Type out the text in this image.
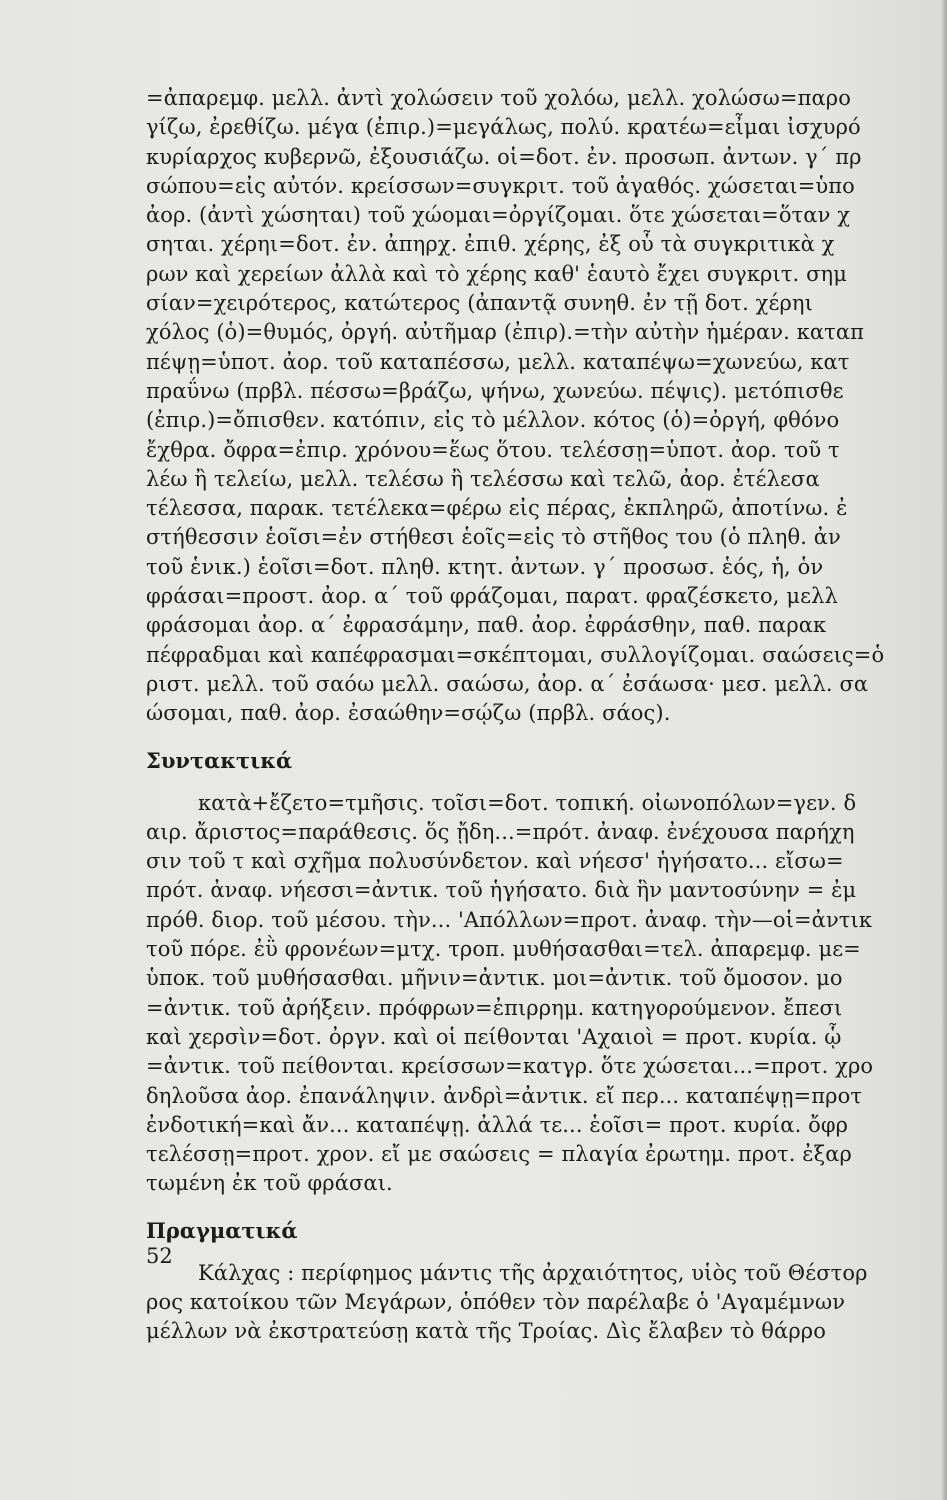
=ἀπαρεμφ. μελλ. ἀντὶ χολώσειν τοῦ χολόω, μελλ. χολώσω=παρο
γίζω, ἐρεθίζω. μέγα (ἐπιρ.)=μεγάλως, πολύ. κρατέω=εἶμαι ἰσχυρό
κυρίαρχος κυβερνῶ, ἐξουσιάζω. οἱ=δοτ. ἐν. προσωπ. ἀντων. γ΄ πρ
σώπου=εἰς αὐτόν. κρείσσων=συγκριτ. τοῦ ἀγαθός. χώσεται=ὑπο
ἀορ. (ἀντὶ χώσηται) τοῦ χώομαι=ὀργίζομαι. ὅτε χώσεται=ὅταν χ
σηται. χέρηι=δοτ. ἐν. ἀπηρχ. ἐπιθ. χέρης, ἐξ οὗ τὰ συγκριτικὰ χ
ρων καὶ χερείων ἀλλὰ καὶ τὸ χέρης καθ' ἑαυτὸ ἔχει συγκριτ. σημ
σίαν=χειρότερος, κατώτερος (ἀπαντᾷ συνηθ. ἐν τῇ δοτ. χέρηι
χόλος (ὁ)=θυμός, ὀργή. αὐτῆμαρ (ἐπιρ).=τὴν αὐτὴν ἡμέραν. καταπ
πέψῃ=ὑποτ. ἀορ. τοῦ καταπέσσω, μελλ. καταπέψω=χωνεύω, κατ
πραΰνω (πρβλ. πέσσω=βράζω, ψήνω, χωνεύω. πέψις). μετόπισθε
(ἐπιρ.)=ὄπισθεν. κατόπιν, εἰς τὸ μέλλον. κότος (ὁ)=ὀργή, φθόνο
ἔχθρα. ὄφρα=ἐπιρ. χρόνου=ἕως ὅτου. τελέσσῃ=ὑποτ. ἀορ. τοῦ τ
λέω ἢ τελείω, μελλ. τελέσω ἢ τελέσσω καὶ τελῶ, ἀορ. ἐτέλεσα
τέλεσσα, παρακ. τετέλεκα=φέρω εἰς πέρας, ἐκπληρῶ, ἀποτίνω. ἐ
στήθεσσιν ἑοῖσι=ἐν στήθεσι ἑοῖς=εἰς τὸ στῆθος του (ὁ πληθ. ἀν
τοῦ ἑνικ.) ἑοῖσι=δοτ. πληθ. κτητ. ἀντων. γ΄ προσωσ. ἑός, ἡ, ὁν
φράσαι=προστ. ἀορ. α΄ τοῦ φράζομαι, παρατ. φραζέσκετο, μελλ
φράσομαι ἀορ. α΄ ἐφρασάμην, παθ. ἀορ. ἐφράσθην, παθ. παρακ
πέφραδμαι καὶ καπέφρασμαι=σκέπτομαι, συλλογίζομαι. σαώσεις=ὁ
ριστ. μελλ. τοῦ σαόω μελλ. σαώσω, ἀορ. α΄ ἐσάωσα· μεσ. μελλ. σα
ώσομαι, παθ. ἀορ. ἐσαώθην=σῴζω (πρβλ. σάος).
Συντακτικά
κατὰ+ἔζετο=τμῆσις. τοῖσι=δοτ. τοπική. οἰωνοπόλων=γεν. δ
αιρ. ἄριστος=παράθεσις. ὅς ᾔδη...=πρότ. ἀναφ. ἐνέχουσα παρήχη
σιν τοῦ τ καὶ σχῆμα πολυσύνδετον. καὶ νήεσσ' ἡγήσατο... εἴσω=
πρότ. ἀναφ. νήεσσι=ἀντικ. τοῦ ἡγήσατο. διὰ ἣν μαντοσύνην = ἐμ
πρόθ. διορ. τοῦ μέσου. τὴν... 'Απόλλων=προτ. ἀναφ. τὴν—οἱ=ἀντικ
τοῦ πόρε. ἐῢ φρονέων=μτχ. τροπ. μυθήσασθαι=τελ. ἀπαρεμφ. με=
ὑποκ. τοῦ μυθήσασθαι. μῆνιν=ἀντικ. μοι=ἀντικ. τοῦ ὄμοσον. μο
=ἀντικ. τοῦ ἀρήξειν. πρόφρων=ἐπιρρημ. κατηγορούμενον. ἔπεσι
καὶ χερσὶν=δοτ. ὀργν. καὶ οἱ πείθονται 'Αχαιοὶ = προτ. κυρία. ᾧ
=ἀντικ. τοῦ πείθονται. κρείσσων=κατγρ. ὅτε χώσεται...=προτ. χρο
δηλοῦσα ἀορ. ἐπανάληψιν. ἀνδρὶ=ἀντικ. εἴ περ... καταπέψῃ=προτ
ἐνδοτική=καὶ ἄν... καταπέψῃ. ἀλλά τε... ἑοῖσι= προτ. κυρία. ὄφρ
τελέσσῃ=προτ. χρον. εἴ με σαώσεις = πλαγία ἐρωτημ. προτ. ἐξαρ
τωμένη ἐκ τοῦ φράσαι.
Πραγματικά
Κάλχας : περίφημος μάντις τῆς ἀρχαιότητος, υἱὸς τοῦ Θέστορ
ρος κατοίκου τῶν Μεγάρων, ὁπόθεν τὸν παρέλαβε ὁ 'Αγαμέμνων
μέλλων νὰ ἐκστρατεύσῃ κατὰ τῆς Τροίας. Δὶς ἔλαβεν τὸ θάρρο
52
